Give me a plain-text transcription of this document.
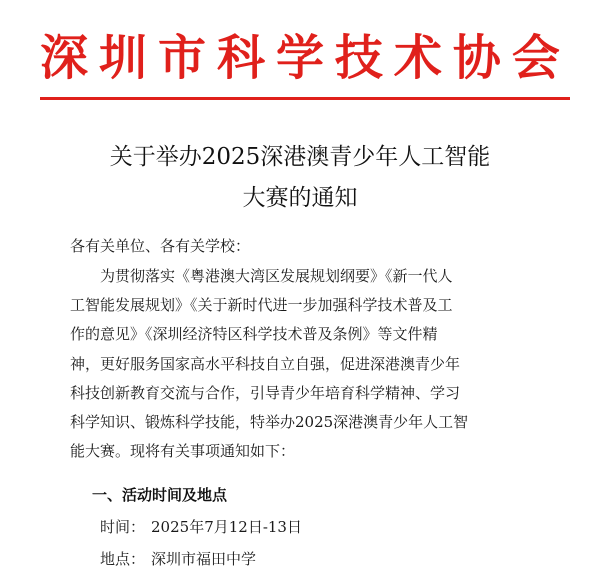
深 圳 市 科 学 技 术 协 会
关于举办2025深港澳青少年人工智能
大赛的通知
各有关单位、各有关学校：
　　为贯彻落实《粤港澳大湾区发展规划纲要》《新一代人
工智能发展规划》《关于新时代进一步加强科学技术普及工
作的意见》《深圳经济特区科学技术普及条例》等文件精
神，更好服务国家高水平科技自立自强，促进深港澳青少年
科技创新教育交流与合作，引导青少年培育科学精神、学习
科学知识、锻炼科学技能，特举办2025深港澳青少年人工智
能大赛。现将有关事项通知如下：
一、活动时间及地点
时间： 2025年7月12日-13日
地点： 深圳市福田中学
